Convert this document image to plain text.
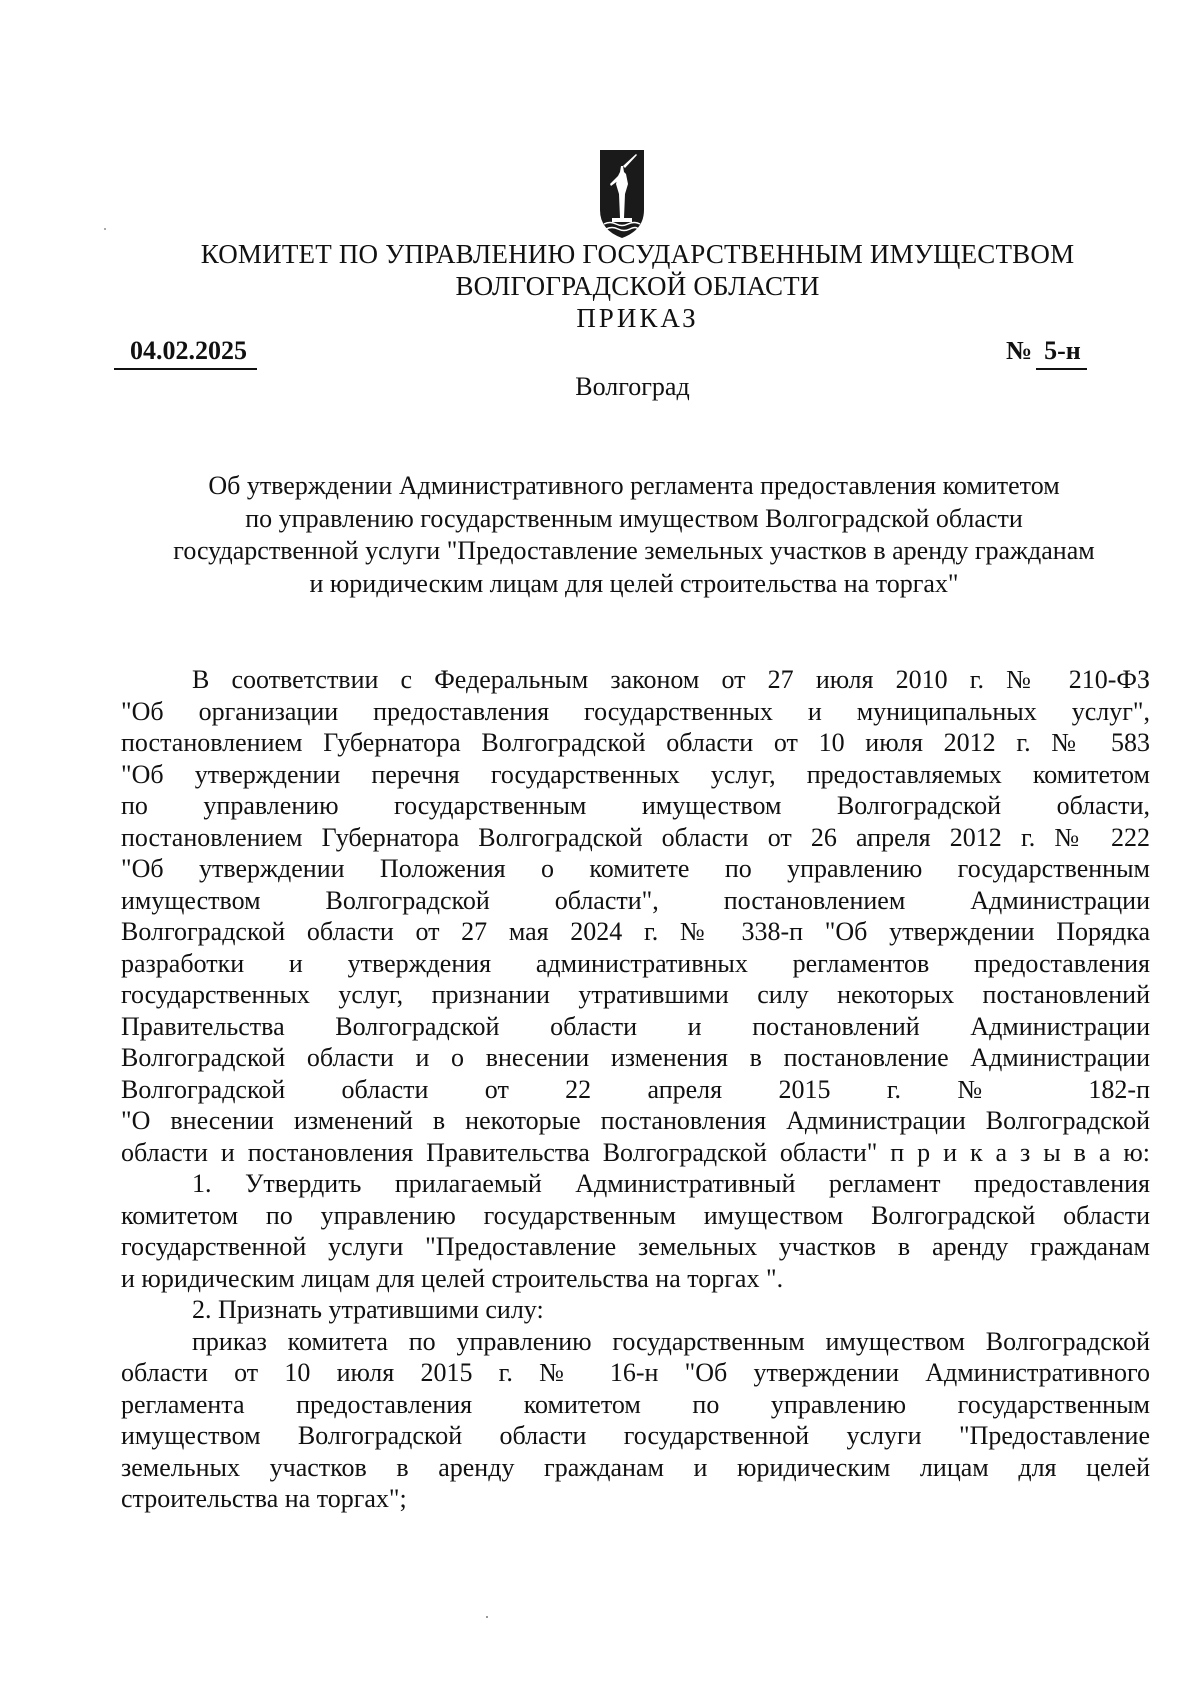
КОМИТЕТ ПО УПРАВЛЕНИЮ ГОСУДАРСТВЕННЫМ ИМУЩЕСТВОМ
ВОЛГОГРАДСКОЙ ОБЛАСТИ
ПРИКАЗ
04.02.2025	№ 5-н
Волгоград
Об утверждении Административного регламента предоставления комитетом
по управлению государственным имуществом Волгоградской области
государственной услуги "Предоставление земельных участков в аренду гражданам
и юридическим лицам для целей строительства на торгах"
В соответствии с Федеральным законом от 27 июля 2010 г. № 210-ФЗ
"Об организации предоставления государственных и муниципальных услуг",
постановлением Губернатора Волгоградской области от 10 июля 2012 г. № 583
"Об утверждении перечня государственных услуг, предоставляемых комитетом
по управлению государственным имуществом Волгоградской области,
постановлением Губернатора Волгоградской области от 26 апреля 2012 г. № 222
"Об утверждении Положения о комитете по управлению государственным
имуществом Волгоградской области", постановлением Администрации
Волгоградской области от 27 мая 2024 г. № 338-п "Об утверждении Порядка
разработки и утверждения административных регламентов предоставления
государственных услуг, признании утратившими силу некоторых постановлений
Правительства Волгоградской области и постановлений Администрации
Волгоградской области и о внесении изменения в постановление Администрации
Волгоградской области от 22 апреля 2015 г. № 182-п
"О внесении изменений в некоторые постановления Администрации Волгоградской
области и постановления Правительства Волгоградской области" п р и к а з ы в а ю:
1. Утвердить прилагаемый Административный регламент предоставления
комитетом по управлению государственным имуществом Волгоградской области
государственной услуги "Предоставление земельных участков в аренду гражданам
и юридическим лицам для целей строительства на торгах ".
2. Признать утратившими силу:
приказ комитета по управлению государственным имуществом Волгоградской
области от 10 июля 2015 г. № 16-н "Об утверждении Административного
регламента предоставления комитетом по управлению государственным
имуществом Волгоградской области государственной услуги "Предоставление
земельных участков в аренду гражданам и юридическим лицам для целей
строительства на торгах";
